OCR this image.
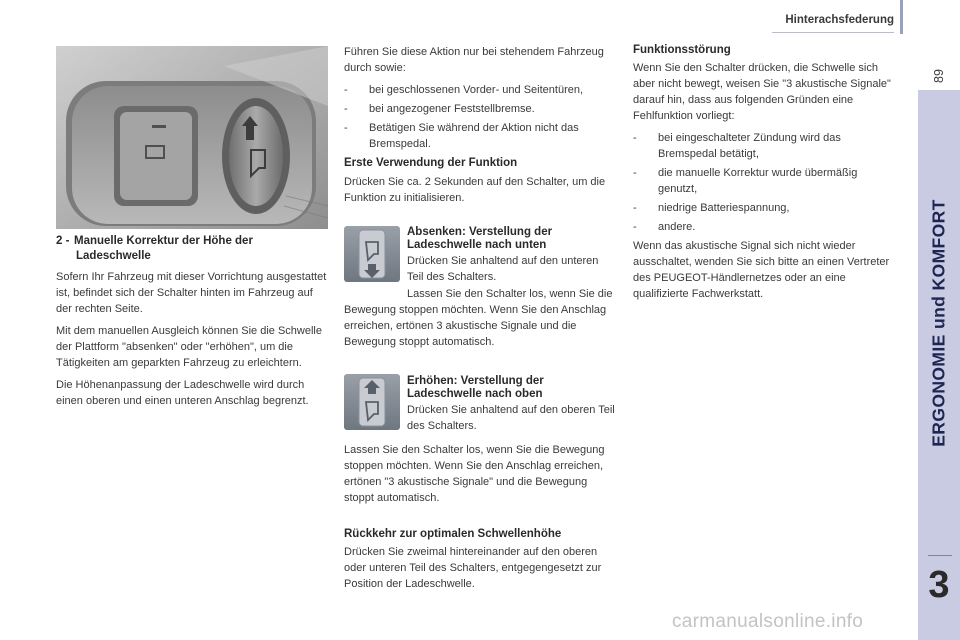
Hinterachsfederung
89
ERGONOMIE und KOMFORT
3
2 - Manuelle Korrektur der Höhe der
Ladeschwelle

Sofern Ihr Fahrzeug mit dieser Vorrichtung ausgestattet ist, befindet sich der Schalter hinten im Fahrzeug auf der rechten Seite.

Mit dem manuellen Ausgleich können Sie die Schwelle der Plattform "absenken" oder "erhöhen", um die Tätigkeiten am geparkten Fahrzeug zu erleichtern.

Die Höhenanpassung der Ladeschwelle wird durch einen oberen und einen unteren Anschlag begrenzt.

Führen Sie diese Aktion nur bei stehendem Fahrzeug durch sowie:

- bei geschlossenen Vorder- und Seitentüren,
- bei angezogener Feststellbremse.
- Betätigen Sie während der Aktion nicht das Bremspedal.
Erste Verwendung der Funktion
Drücken Sie ca. 2 Sekunden auf den Schalter, um die Funktion zu initialisieren.
Absenken: Verstellung der Ladeschwelle nach unten
Drücken Sie anhaltend auf den unteren Teil des Schalters.
Lassen Sie den Schalter los, wenn Sie die Bewegung stoppen möchten. Wenn Sie den Anschlag erreichen, ertönen 3 akustische Signale und die Bewegung stoppt automatisch.
Erhöhen: Verstellung der Ladeschwelle nach oben
Drücken Sie anhaltend auf den oberen Teil des Schalters.
Lassen Sie den Schalter los, wenn Sie die Bewegung stoppen möchten. Wenn Sie den Anschlag erreichen, ertönen "3 akustische Signale" und die Bewegung stoppt automatisch.
Rückkehr zur optimalen Schwellenhöhe
Drücken Sie zweimal hintereinander auf den oberen oder unteren Teil des Schalters, entgegengesetzt zur Position der Ladeschwelle.
Funktionsstörung

Wenn Sie den Schalter drücken, die Schwelle sich aber nicht bewegt, weisen Sie "3 akustische Signale" darauf hin, dass aus folgenden Gründen eine Fehlfunktion vorliegt:

- bei eingeschalteter Zündung wird das Bremspedal betätigt,
- die manuelle Korrektur wurde übermäßig genutzt,
- niedrige Batteriespannung,
- andere.

Wenn das akustische Signal sich nicht wieder ausschaltet, wenden Sie sich bitte an einen Vertreter des PEUGEOT-Händlernetzes oder an eine qualifizierte Fachwerkstatt.

carmanualsonline.info
